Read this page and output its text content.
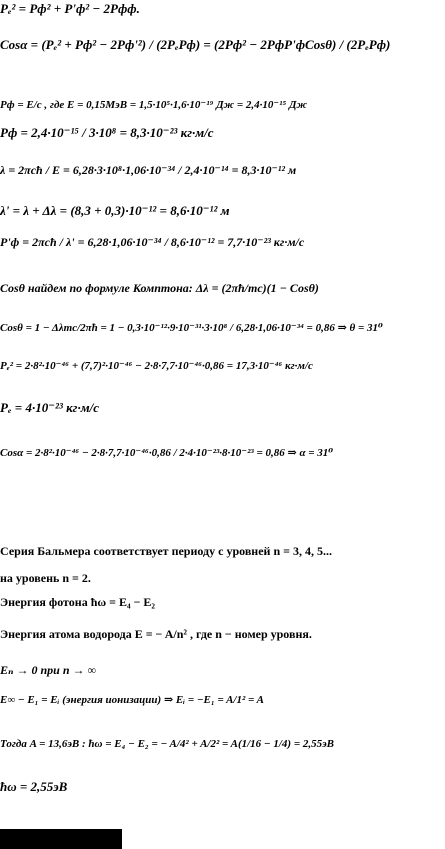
Pₑ² = Pф² + P'ф² − 2Pфф.
Cosα = (Pₑ² + Pф² − 2Pф'²) / (2PₑPф) = (2Pф² − 2PфP'фCosθ) / (2PₑPф)
Pф = E/c , где E = 0,15МэВ = 1,5·10⁵·1,6·10⁻¹⁹ Дж = 2,4·10⁻¹⁵ Дж
Pф = 2,4·10⁻¹⁵ / 3·10⁸ = 8,3·10⁻²³ кг·м/с
λ = 2πcħ / E = 6,28·3·10⁸·1,06·10⁻³⁴ / 2,4·10⁻¹⁴ = 8,3·10⁻¹² м
λ' = λ + Δλ = (8,3 + 0,3)·10⁻¹² = 8,6·10⁻¹² м
P'ф = 2πcħ / λ' = 6,28·1,06·10⁻³⁴ / 8,6·10⁻¹² = 7,7·10⁻²³ кг·м/с
Cosθ найдем по формуле Комптона: Δλ = (2πħ/mc)(1 − Cosθ)
Cosθ = 1 − Δλmc/2πħ = 1 − 0,3·10⁻¹²·9·10⁻³¹·3·10⁸ / 6,28·1,06·10⁻³⁴ = 0,86 ⇒ θ = 31⁰
Pₑ² = 2·8²·10⁻⁴⁶ + (7,7)²·10⁻⁴⁶ − 2·8·7,7·10⁻⁴⁶·0,86 = 17,3·10⁻⁴⁶ кг·м/с
Pₑ = 4·10⁻²³ кг·м/с
Cosα = 2·8²·10⁻⁴⁶ − 2·8·7,7·10⁻⁴⁶·0,86 / 2·4·10⁻²³·8·10⁻²³ = 0,86 ⇒ α = 31⁰
Серия Бальмера соответствует периоду с уровней n = 3, 4, 5...
на уровень n = 2.
Энергия фотона ħω = E₄ − E₂
Энергия атома водорода E = − A/n² , где n − номер уровня.
Eₙ → 0 при n → ∞
E∞ − E₁ = Eᵢ (энергия ионизации) ⇒ Eᵢ = −E₁ = A/1² = A
Тогда A = 13,6эВ : ħω = E₄ − E₂ = − A/4² + A/2² = A(1/16 − 1/4) = 2,55эВ
ħω = 2,55эВ
